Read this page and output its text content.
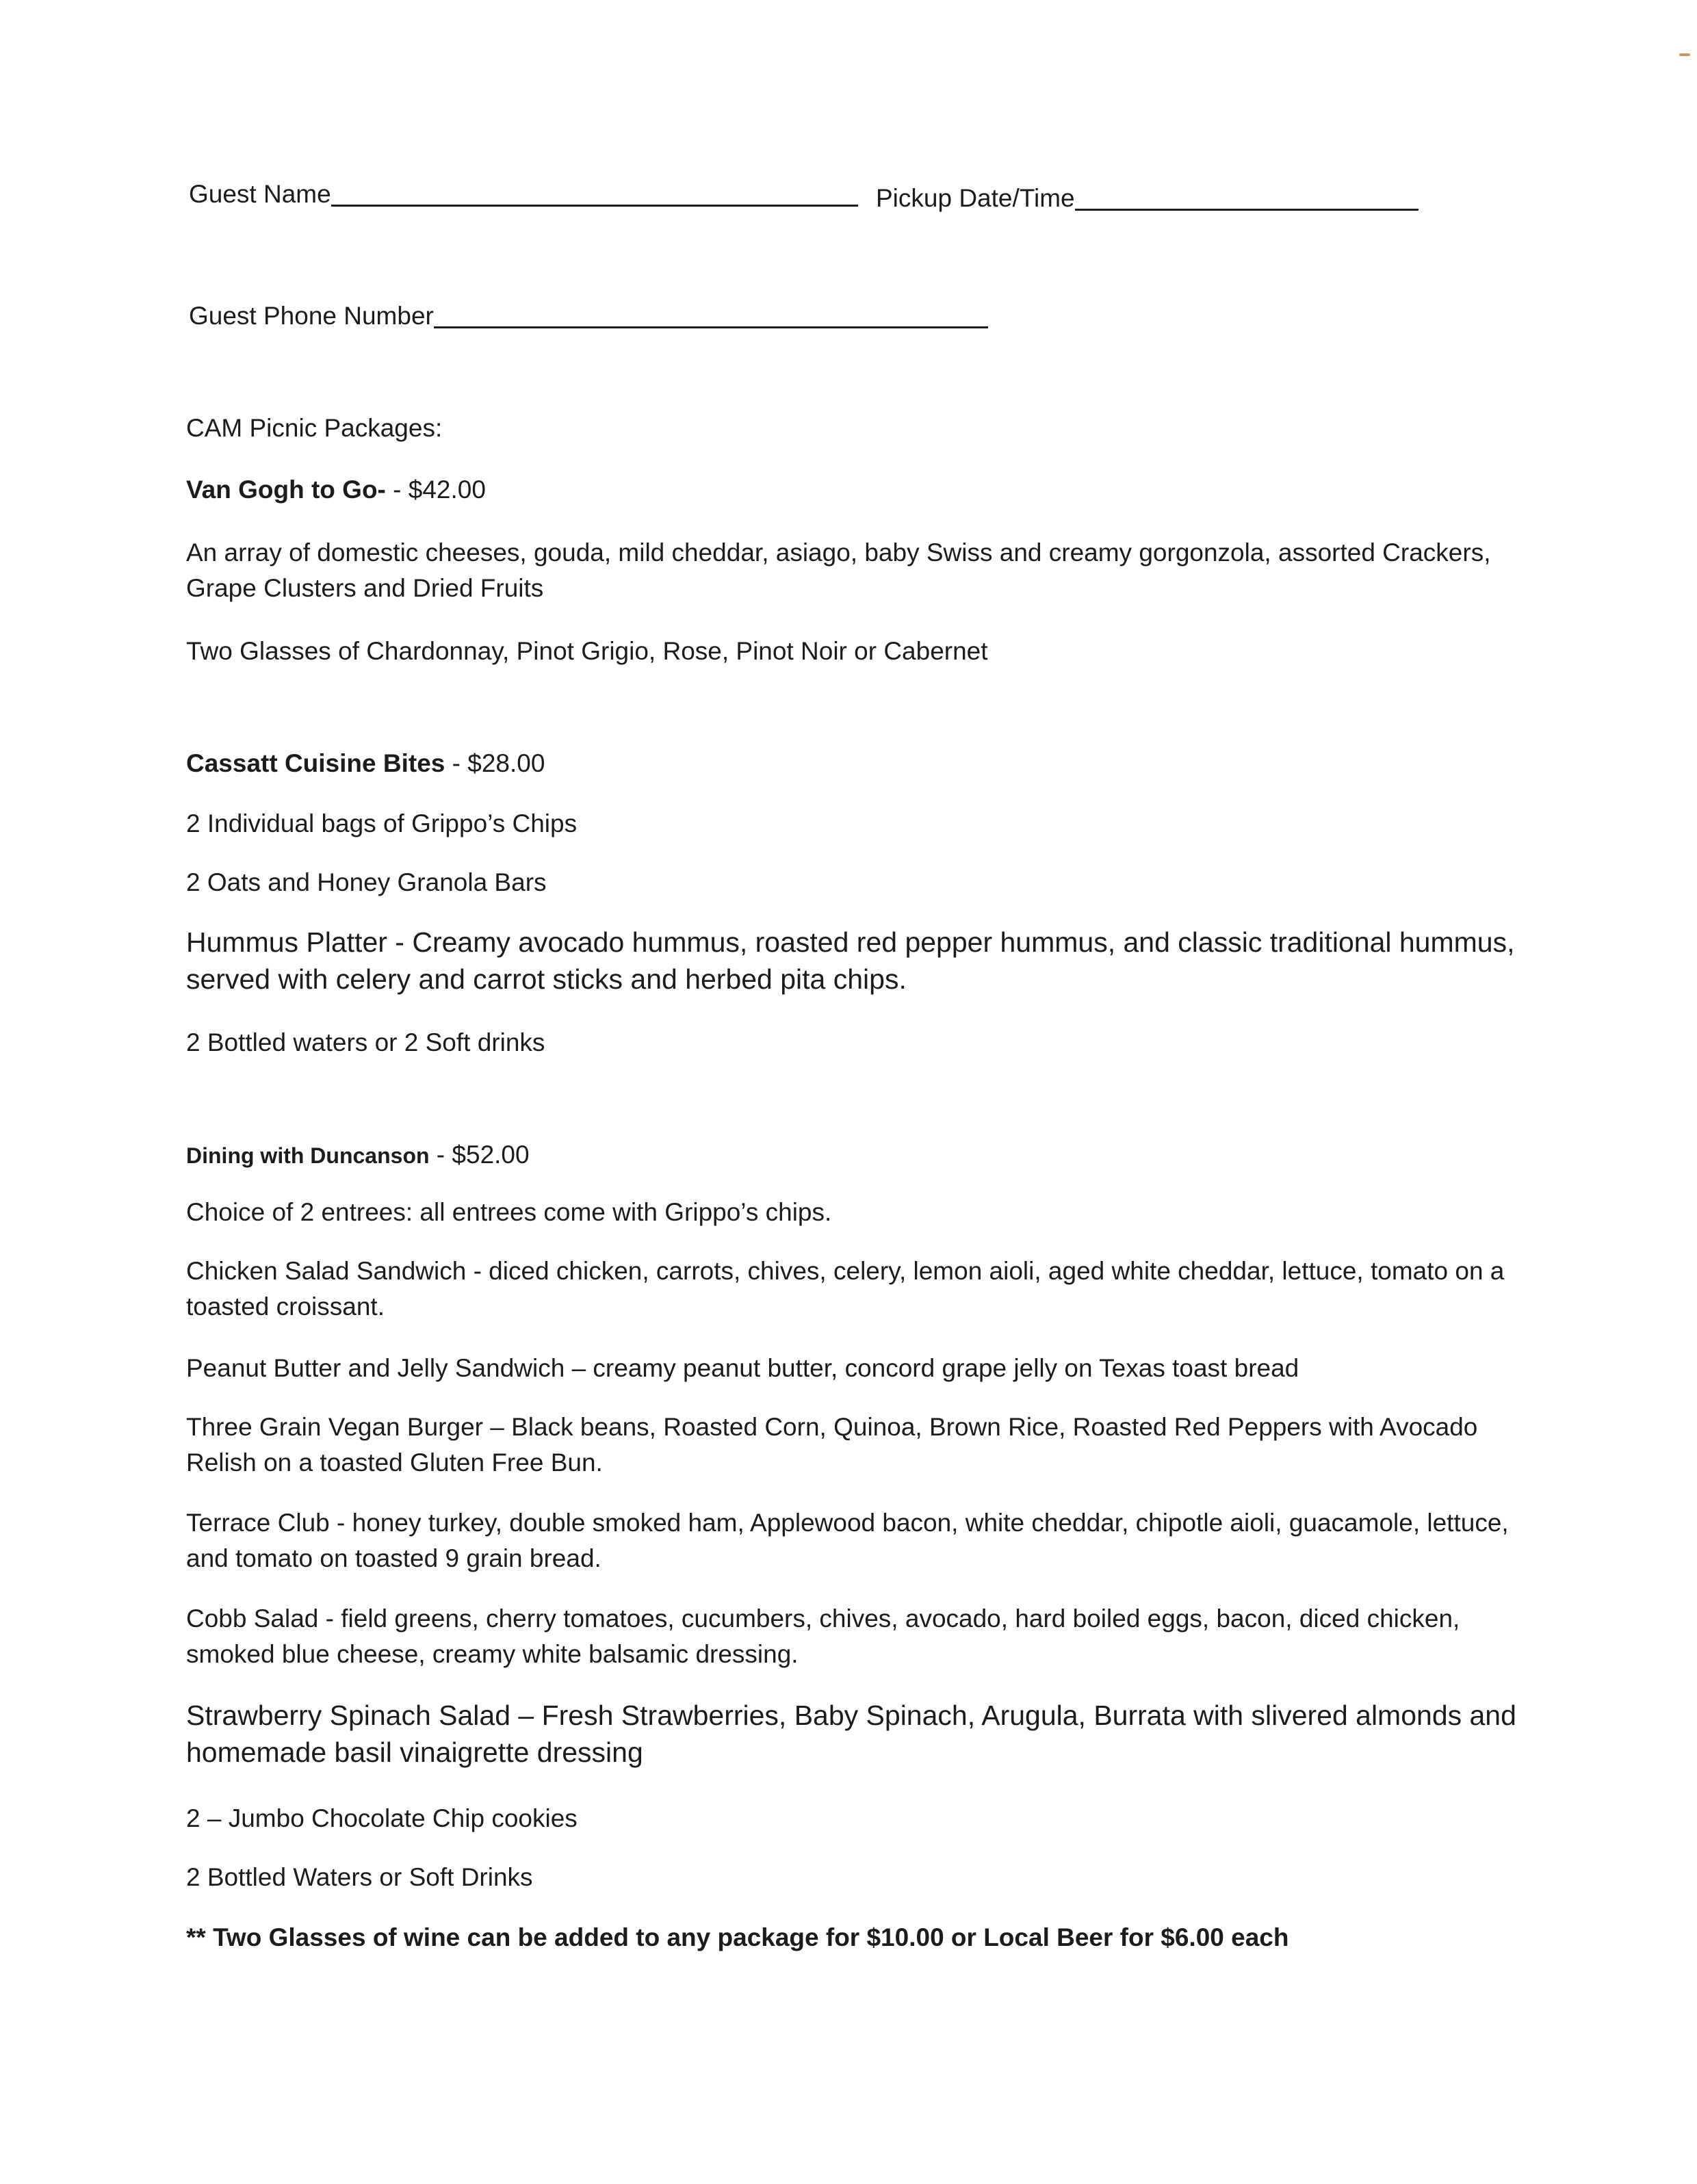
Guest Name	Pickup Date/Time
Guest Phone Number

CAM Picnic Packages:

Van Gogh to Go- - $42.00

An array of domestic cheeses, gouda, mild cheddar, asiago, baby Swiss and creamy gorgonzola, assorted Crackers, Grape Clusters and Dried Fruits

Two Glasses of Chardonnay, Pinot Grigio, Rose, Pinot Noir or Cabernet

Cassatt Cuisine Bites - $28.00

2 Individual bags of Grippo’s Chips

2 Oats and Honey Granola Bars

Hummus Platter - Creamy avocado hummus, roasted red pepper hummus, and classic traditional hummus, served with celery and carrot sticks and herbed pita chips.

2 Bottled waters or 2 Soft drinks

Dining with Duncanson - $52.00

Choice of 2 entrees: all entrees come with Grippo’s chips.

Chicken Salad Sandwich - diced chicken, carrots, chives, celery, lemon aioli, aged white cheddar, lettuce, tomato on a toasted croissant.

Peanut Butter and Jelly Sandwich – creamy peanut butter, concord grape jelly on Texas toast bread

Three Grain Vegan Burger – Black beans, Roasted Corn, Quinoa, Brown Rice, Roasted Red Peppers with Avocado Relish on a toasted Gluten Free Bun.

Terrace Club - honey turkey, double smoked ham, Applewood bacon, white cheddar, chipotle aioli, guacamole, lettuce, and tomato on toasted 9 grain bread.

Cobb Salad - field greens, cherry tomatoes, cucumbers, chives, avocado, hard boiled eggs, bacon, diced chicken, smoked blue cheese, creamy white balsamic dressing.

Strawberry Spinach Salad – Fresh Strawberries, Baby Spinach, Arugula, Burrata with slivered almonds and homemade basil vinaigrette dressing

2 – Jumbo Chocolate Chip cookies

2 Bottled Waters or Soft Drinks

** Two Glasses of wine can be added to any package for $10.00 or Local Beer for $6.00 each
